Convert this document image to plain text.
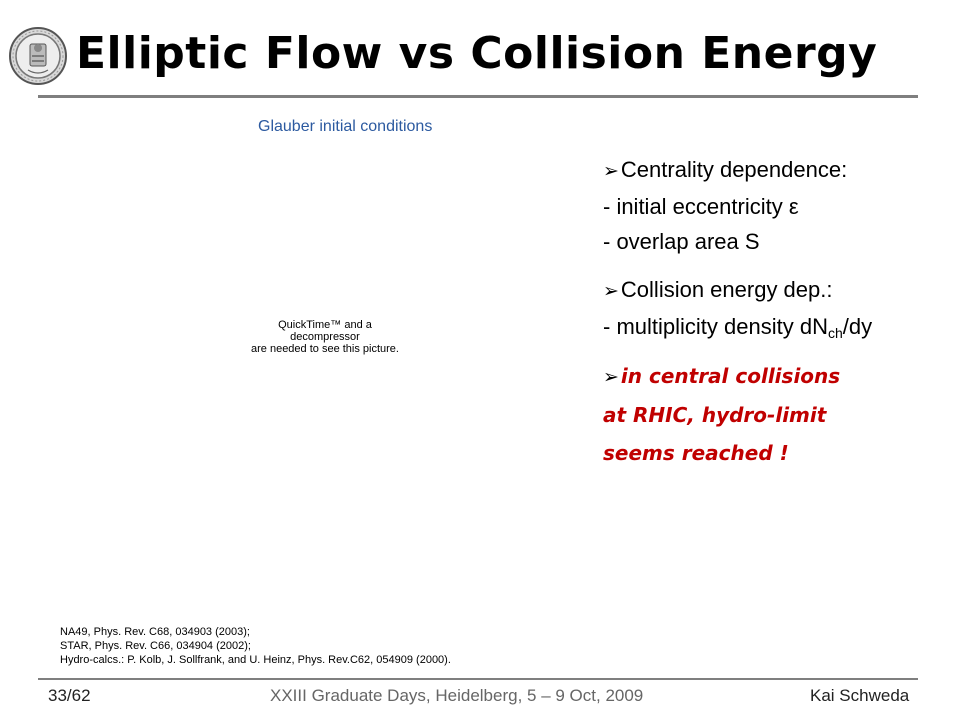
Elliptic Flow vs Collision Energy
Glauber initial conditions
QuickTime™ and a
decompressor
are needed to see this picture.
➢Centrality dependence:
- initial eccentricity ε
- overlap area S
➢Collision energy dep.:
- multiplicity density $dN_{ch}/dy$
➢ in central collisions
at RHIC, hydro-limit
seems reached !
NA49, Phys. Rev. C68, 034903 (2003);
STAR, Phys. Rev. C66, 034904 (2002);
Hydro-calcs.: P. Kolb, J. Sollfrank, and U. Heinz, Phys. Rev.C62, 054909 (2000).
33/62	XXIII Graduate Days, Heidelberg, 5 – 9 Oct, 2009	Kai Schweda
